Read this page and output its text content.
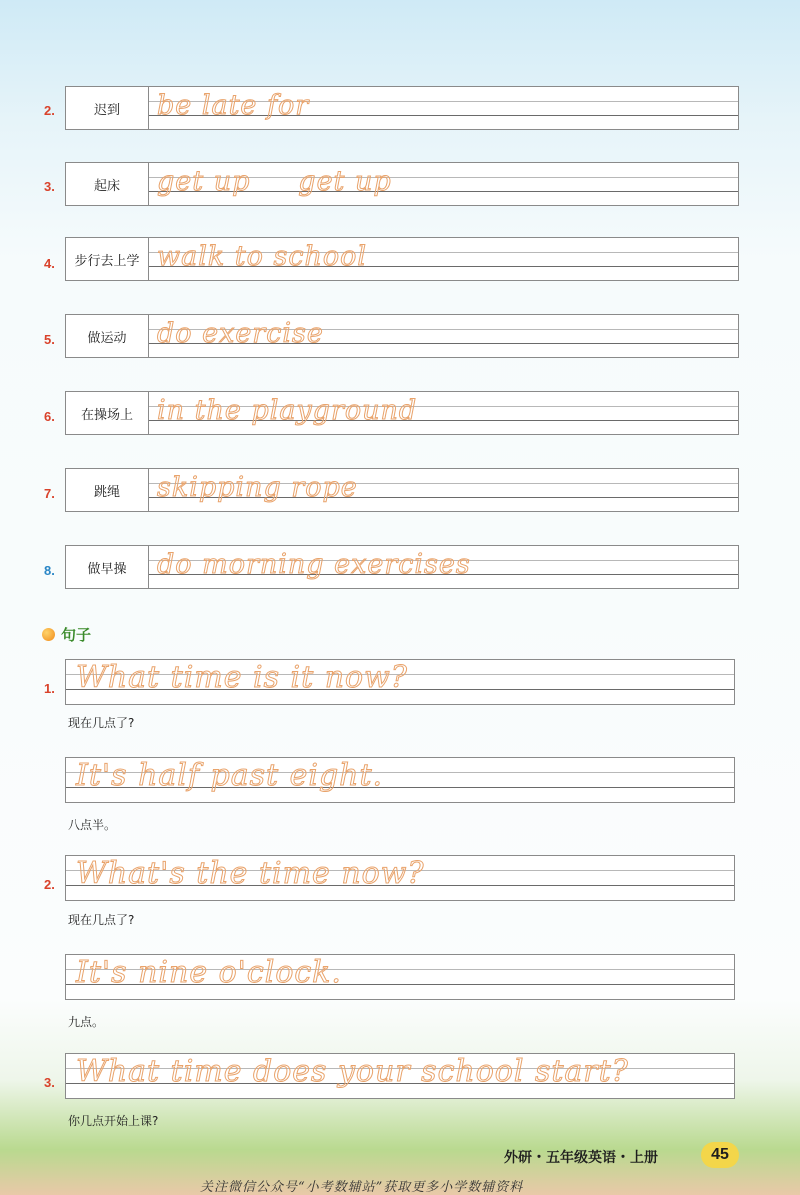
2.	迟到	be late for
3.	起床	get up     get up
4.	步行去上学 walk to school
5.	做运动	do exercise
6.	在操场上 in the playground
7.	跳绳	skipping rope
8.	做早操	do morning exercises
句子
1. What time is it now?
现在几点了?
It's half past eight.
八点半。
2. What's the time now?
现在几点了?
It's nine o'clock.
九点。
3. What time does your school start?
你几点开始上课?
外研・五年级英语・上册	45
关注微信公众号“小考数辅站”获取更多小学数辅资料
